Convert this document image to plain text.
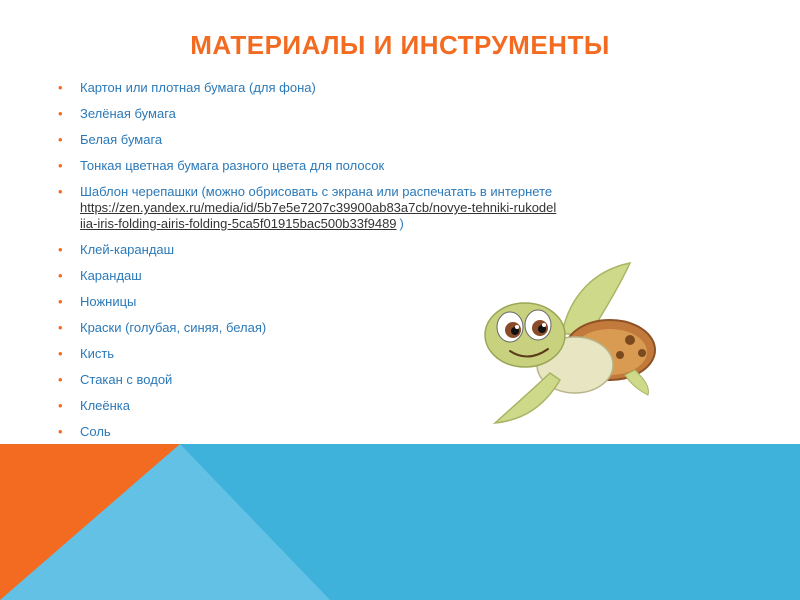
МАТЕРИАЛЫ И ИНСТРУМЕНТЫ
• Картон или плотная бумага (для фона)
• Зелёная бумага
• Белая бумага
• Тонкая цветная бумага разного цвета для полосок
• Шаблон черепашки (можно обрисовать с экрана или распечатать в интернете
https://zen.yandex.ru/media/id/5b7e5e7207c39900ab83a7cb/novye-tehniki-rukodel
iia-iris-folding-airis-folding-5ca5f01915bac500b33f9489 )
• Клей-карандаш
• Карандаш
• Ножницы
• Краски (голубая, синяя, белая)
• Кисть
• Стакан с водой
• Клеёнка
• Соль
